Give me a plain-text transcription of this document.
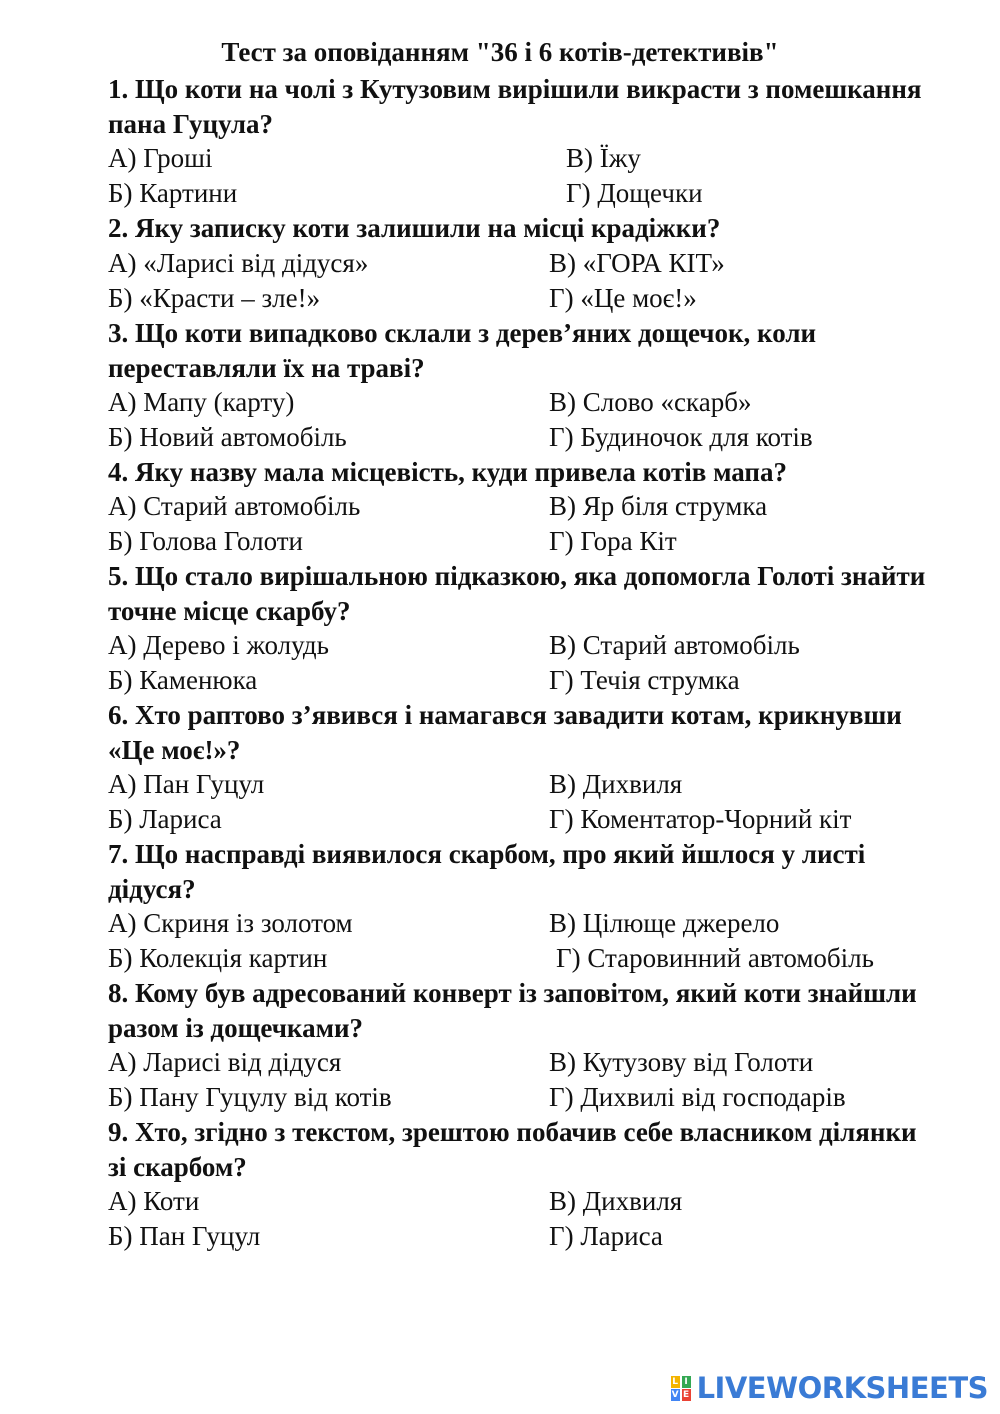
Тест за оповіданням "36 і 6 котів-детективів"
1. Що коти на чолі з Кутузовим вирішили викрасти з помешкання пана Гуцула?
А) Гроші	В) Їжу
Б) Картини	Г) Дощечки
2. Яку записку коти залишили на місці крадіжки?
А) «Ларисі від дідуся»	В) «ГОРА КІТ»
Б) «Красти – зле!»	Г) «Це моє!»
3. Що коти випадково склали з дерев’яних дощечок, коли переставляли їх на траві?
А) Мапу (карту)	В) Слово «скарб»
Б) Новий автомобіль	Г) Будиночок для котів
4. Яку назву мала місцевість, куди привела котів мапа?
А) Старий автомобіль	В) Яр біля струмка
Б) Голова Голоти	Г) Гора Кіт
5. Що стало вирішальною підказкою, яка допомогла Голоті знайти точне місце скарбу?
А) Дерево і жолудь	В) Старий автомобіль
Б) Каменюка	Г) Течія струмка
6. Хто раптово з’явився і намагався завадити котам, крикнувши «Це моє!»?
А) Пан Гуцул	В) Дихвиля
Б) Лариса	Г) Коментатор-Чорний кіт
7. Що насправді виявилося скарбом, про який йшлося у листі дідуся?
А) Скриня із золотом	В) Цілюще джерело
Б) Колекція картин	Г) Старовинний автомобіль
8. Кому був адресований конверт із заповітом, який коти знайшли разом із дощечками?
А) Ларисі від дідуся	В) Кутузову від Голоти
Б) Пану Гуцулу від котів	Г) Дихвилі від господарів
9. Хто, згідно з текстом, зрештою побачив себе власником ділянки зі скарбом?
А) Коти	В) Дихвиля
Б) Пан Гуцул	Г) Лариса
L I
V E LIVEWORKSHEETS
